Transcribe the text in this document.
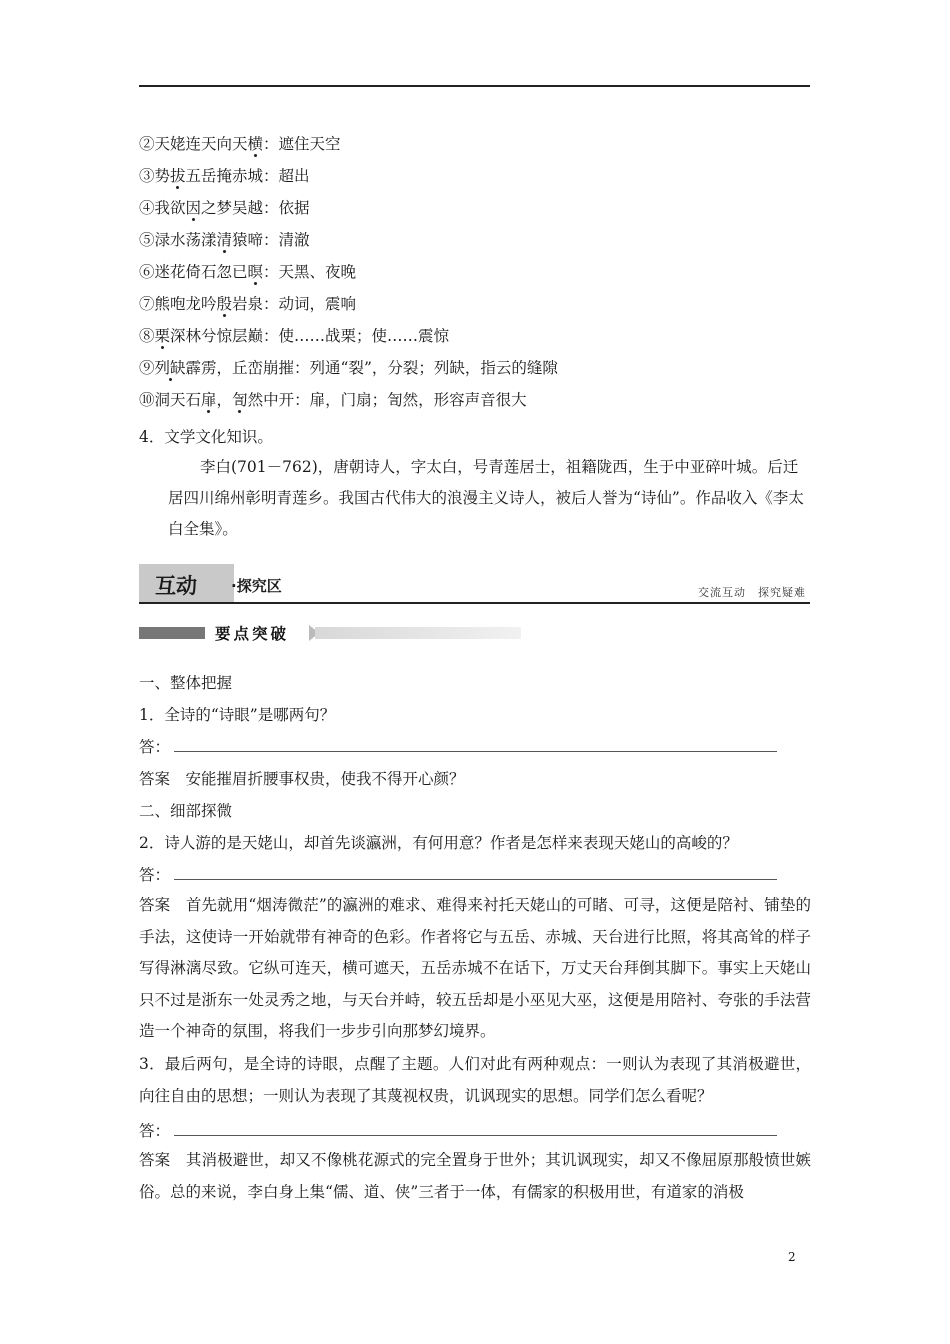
②天姥连天向天横：遮住天空
③势拔五岳掩赤城：超出
④我欲因之梦吴越：依据
⑤渌水荡漾清猿啼：清澈
⑥迷花倚石忽已暝：天黑、夜晚
⑦熊咆龙吟殷岩泉：动词，震响
⑧栗深林兮惊层巅：使……战栗；使……震惊
⑨列缺霹雳，丘峦崩摧：列通“裂”，分裂；列缺，指云的缝隙
⑩洞天石扉，訇然中开：扉，门扇；訇然，形容声音很大
4．文学文化知识。
李白(701－762)，唐朝诗人，字太白，号青莲居士，祖籍陇西，生于中亚碎叶城。后迁居四川绵州彰明青莲乡。我国古代伟大的浪漫主义诗人，被后人誉为“诗仙”。作品收入《李太白全集》。
互动 ·探究区	交流互动　探究疑难
要点突破
一、整体把握
1．全诗的“诗眼”是哪两句？
答：
答案　 安能摧眉折腰事权贵，使我不得开心颜？
二、细部探微
2．诗人游的是天姥山，却首先谈瀛洲，有何用意？作者是怎样来表现天姥山的高峻的？
答：
答案　 首先就用“烟涛微茫”的瀛洲的难求、难得来衬托天姥山的可睹、可寻，这便是陪衬、铺垫的手法，这使诗一开始就带有神奇的色彩。作者将它与五岳、赤城、天台进行比照，将其高耸的样子写得淋漓尽致。它纵可连天，横可遮天，五岳赤城不在话下，万丈天台拜倒其脚下。事实上天姥山只不过是浙东一处灵秀之地，与天台并峙，较五岳却是小巫见大巫，这便是用陪衬、夸张的手法营造一个神奇的氛围，将我们一步步引向那梦幻境界。
3．最后两句，是全诗的诗眼，点醒了主题。人们对此有两种观点：一则认为表现了其消极避世，向往自由的思想；一则认为表现了其蔑视权贵，讥讽现实的思想。同学们怎么看呢？
答：
答案　 其消极避世，却又不像桃花源式的完全置身于世外；其讥讽现实，却又不像屈原那般愤世嫉俗。总的来说，李白身上集“儒、道、侠”三者于一体，有儒家的积极用世，有道家的消极
2
